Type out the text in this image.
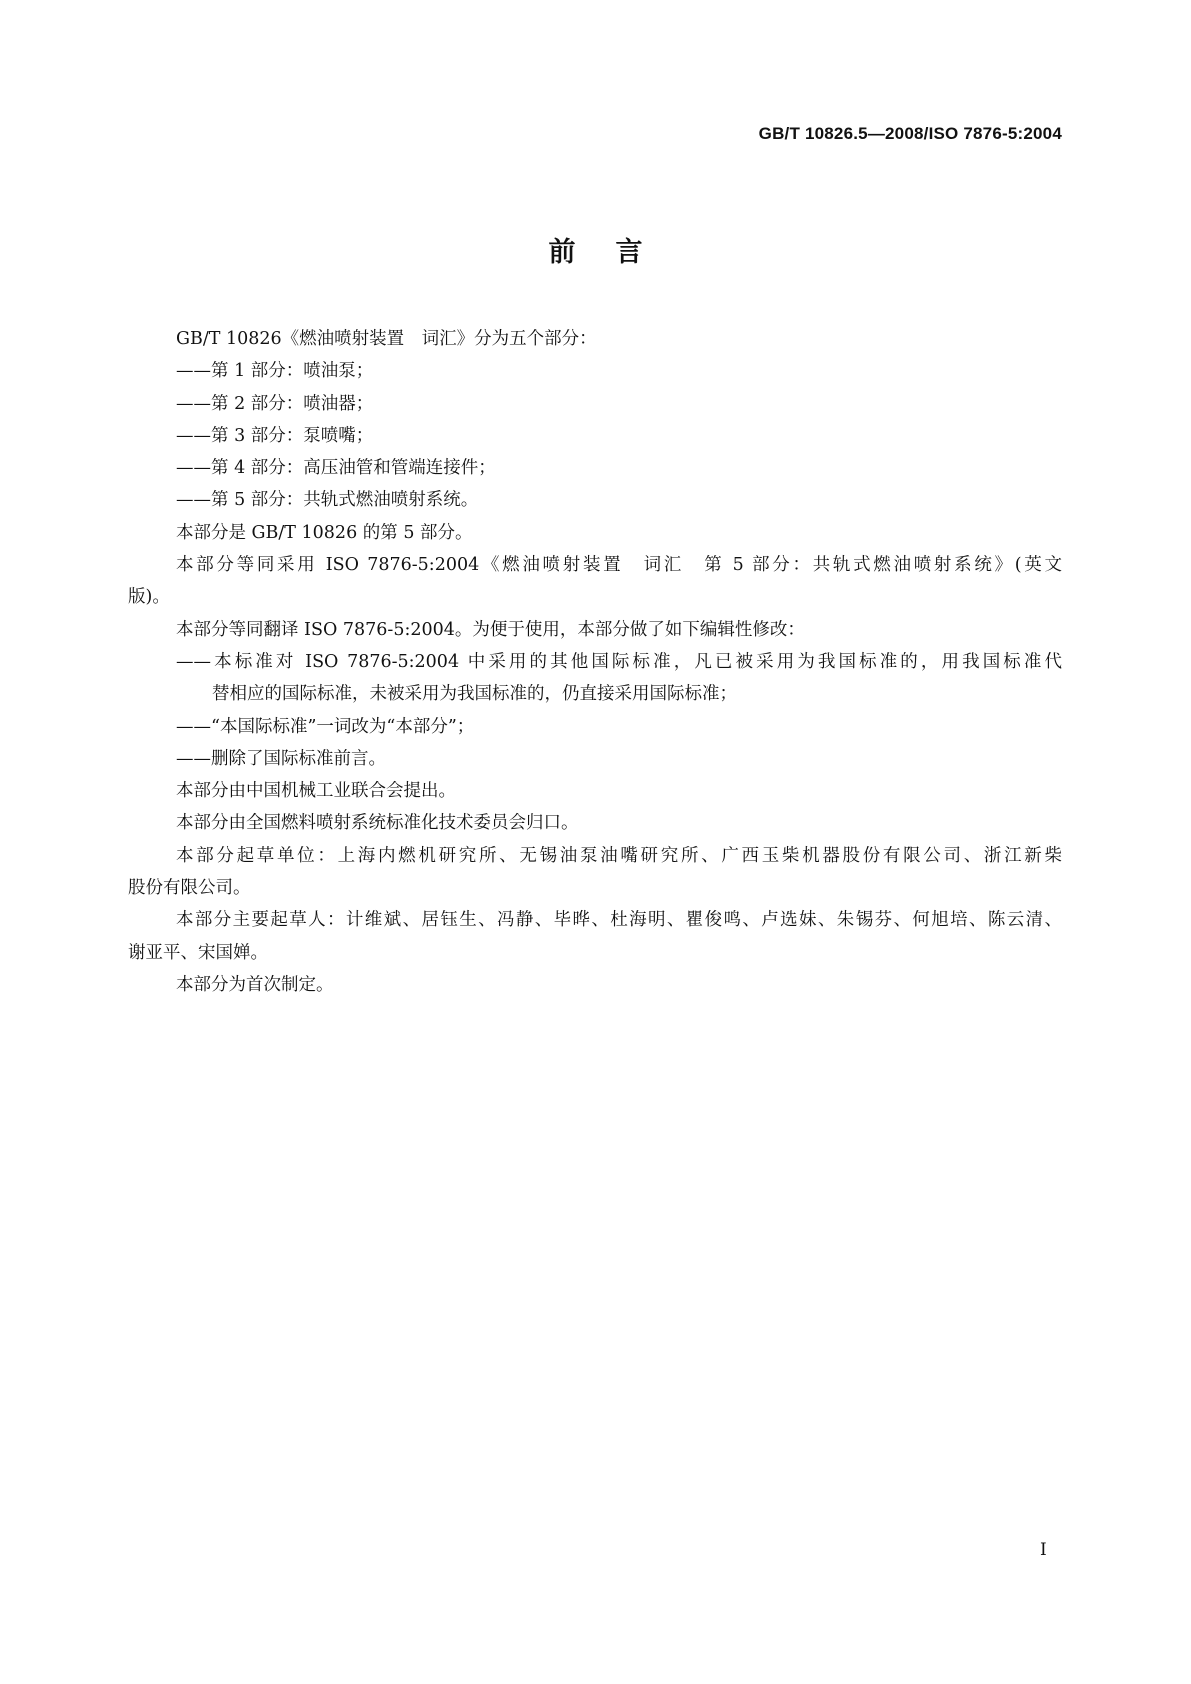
GB/T 10826.5—2008/ISO 7876-5:2004
前言
GB/T 10826《燃油喷射装置　词汇》分为五个部分：
——第 1 部分：喷油泵；
——第 2 部分：喷油器；
——第 3 部分：泵喷嘴；
——第 4 部分：高压油管和管端连接件；
——第 5 部分：共轨式燃油喷射系统。
本部分是 GB/T 10826 的第 5 部分。
本部分等同采用 ISO 7876-5:2004《燃油喷射装置　词汇　第 5 部分：共轨式燃油喷射系统》(英文
版)。
本部分等同翻译 ISO 7876-5:2004。为便于使用，本部分做了如下编辑性修改：
——本标准对 ISO 7876-5:2004 中采用的其他国际标准，凡已被采用为我国标准的，用我国标准代
替相应的国际标准，未被采用为我国标准的，仍直接采用国际标准；
——“本国际标准”一词改为“本部分”；
——删除了国际标准前言。
本部分由中国机械工业联合会提出。
本部分由全国燃料喷射系统标准化技术委员会归口。
本部分起草单位：上海内燃机研究所、无锡油泵油嘴研究所、广西玉柴机器股份有限公司、浙江新柴
股份有限公司。
本部分主要起草人：计维斌、居钰生、冯静、毕晔、杜海明、瞿俊鸣、卢选妹、朱锡芬、何旭培、陈云清、
谢亚平、宋国婵。
本部分为首次制定。
I
